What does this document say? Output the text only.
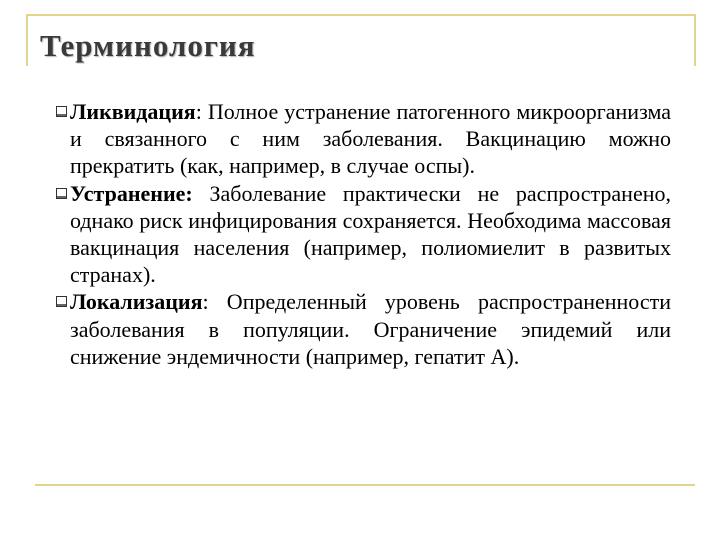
Терминология
Ликвидация: Полное устранение патогенного микроорганизма и связанного с ним заболевания. Вакцинацию можно прекратить (как, например, в случае оспы).
Устранение: Заболевание практически не распространено, однако риск инфицирования сохраняется. Необходима массовая вакцинация населения (например, полиомиелит в развитых странах).
Локализация: Определенный уровень распространенности заболевания в популяции. Ограничение эпидемий или снижение эндемичности (например, гепатит А).
